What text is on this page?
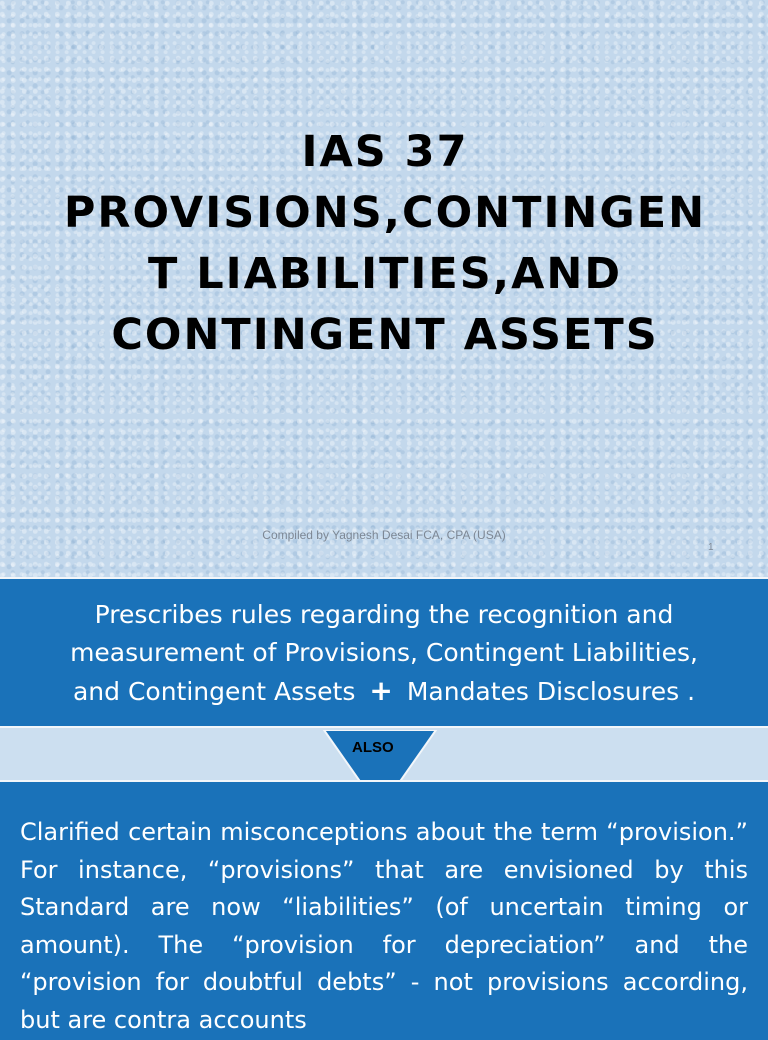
IAS 37
PROVISIONS,CONTINGEN
T LIABILITIES,AND
CONTINGENT ASSETS
Compiled by Yagnesh Desai FCA, CPA (USA)
1
Prescribes rules regarding the recognition and
measurement of Provisions, Contingent Liabilities,
and Contingent Assets + Mandates Disclosures .
ALSO
Clarified certain misconceptions about the term “provision.” For instance, “provisions” that are envisioned by this Standard are now “liabilities” (of uncertain timing or amount). The “provision for depreciation” and the “provision for doubtful debts” - not provisions according, but are contra accounts
